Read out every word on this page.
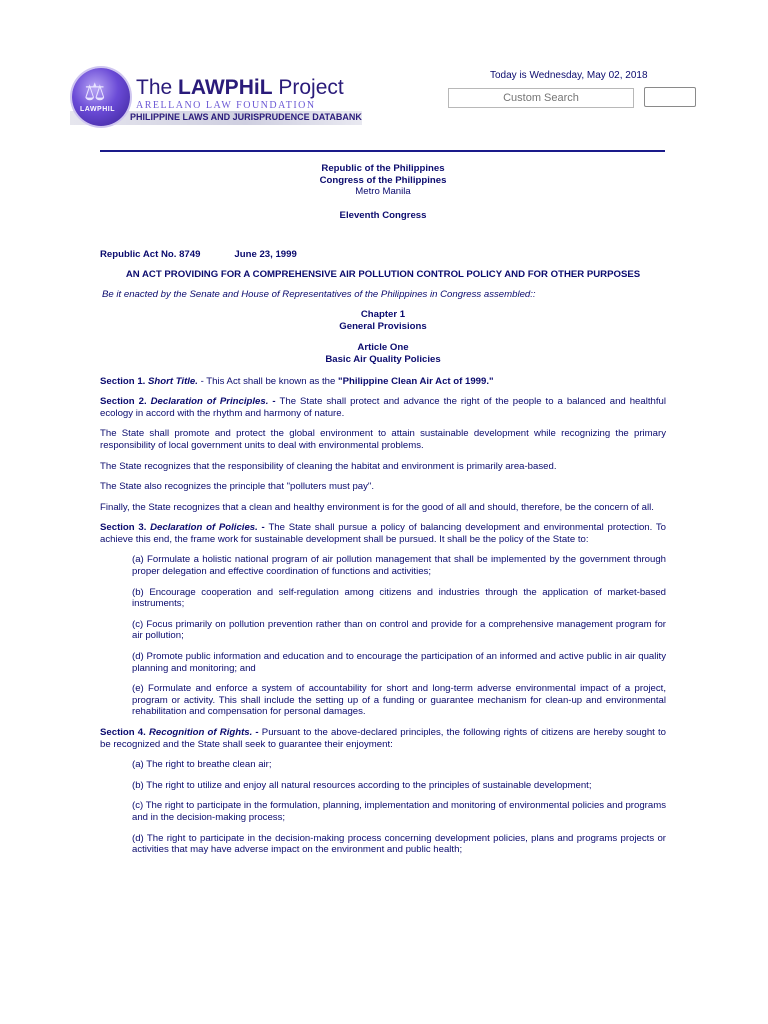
PHILIPPINE LAWS AND JURISPRUDENCE DATABANK
⚖
LAWPHIL
The LAWPHiL Project
ARELLANO LAW FOUNDATION
Today is Wednesday, May 02, 2018
Custom Search
Republic of the Philippines
Congress of the Philippines
Metro Manila
Eleventh Congress
Republic Act No. 8749	June 23, 1999
AN ACT PROVIDING FOR A COMPREHENSIVE AIR POLLUTION CONTROL POLICY AND FOR OTHER PURPOSES
Be it enacted by the Senate and House of Representatives of the Philippines in Congress assembled::
Chapter 1
General Provisions
Article One
Basic Air Quality Policies

Section 1. Short Title. - This Act shall be known as the "Philippine Clean Air Act of 1999."

Section 2. Declaration of Principles. - The State shall protect and advance the right of the people to a balanced and healthful ecology in accord with the rhythm and harmony of nature.

The State shall promote and protect the global environment to attain sustainable development while recognizing the primary responsibility of local government units to deal with environmental problems.

The State recognizes that the responsibility of cleaning the habitat and environment is primarily area-based.

The State also recognizes the principle that "polluters must pay".

Finally, the State recognizes that a clean and healthy environment is for the good of all and should, therefore, be the concern of all.

Section 3. Declaration of Policies. - The State shall pursue a policy of balancing development and environmental protection. To achieve this end, the frame work for sustainable development shall be pursued. It shall be the policy of the State to:

(a) Formulate a holistic national program of air pollution management that shall be implemented by the government through proper delegation and effective coordination of functions and activities;

(b) Encourage cooperation and self-regulation among citizens and industries through the application of market-based instruments;

(c) Focus primarily on pollution prevention rather than on control and provide for a comprehensive management program for air pollution;

(d) Promote public information and education and to encourage the participation of an informed and active public in air quality planning and monitoring; and

(e) Formulate and enforce a system of accountability for short and long-term adverse environmental impact of a project, program or activity. This shall include the setting up of a funding or guarantee mechanism for clean-up and environmental rehabilitation and compensation for personal damages.

Section 4. Recognition of Rights. - Pursuant to the above-declared principles, the following rights of citizens are hereby sought to be recognized and the State shall seek to guarantee their enjoyment:

(a) The right to breathe clean air;

(b) The right to utilize and enjoy all natural resources according to the principles of sustainable development;

(c) The right to participate in the formulation, planning, implementation and monitoring of environmental policies and programs and in the decision-making process;

(d) The right to participate in the decision-making process concerning development policies, plans and programs projects or activities that may have adverse impact on the environment and public health;
